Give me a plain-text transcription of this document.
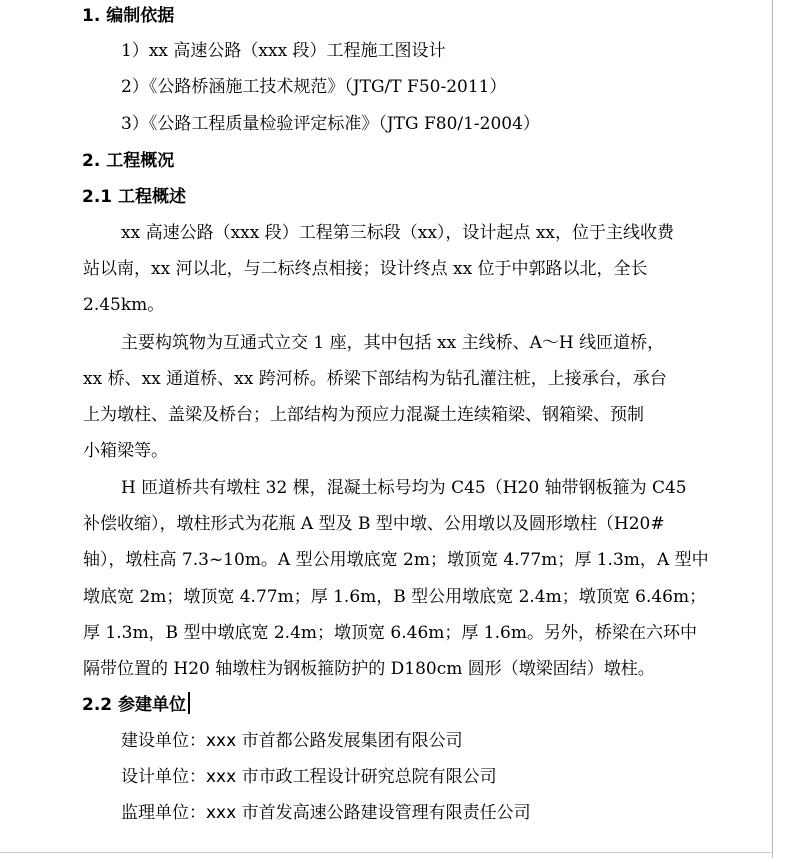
1. 编制依据
1）xx 高速公路（xxx 段）工程施工图设计
2）《公路桥涵施工技术规范》（JTG/T F50-2011）
3）《公路工程质量检验评定标准》（JTG F80/1-2004）
2. 工程概况
2.1 工程概述
xx 高速公路（xxx 段）工程第三标段（xx），设计起点 xx，位于主线收费
站以南，xx 河以北，与二标终点相接；设计终点 xx 位于中郭路以北，全长
2.45km。
主要构筑物为互通式立交 1 座，其中包括 xx 主线桥、A～H 线匝道桥，
xx 桥、xx 通道桥、xx 跨河桥。桥梁下部结构为钻孔灌注桩，上接承台，承台
上为墩柱、盖梁及桥台；上部结构为预应力混凝土连续箱梁、钢箱梁、预制
小箱梁等。
H 匝道桥共有墩柱 32 棵，混凝土标号均为 C45（H20 轴带钢板箍为 C45
补偿收缩），墩柱形式为花瓶 A 型及 B 型中墩、公用墩以及圆形墩柱（H20#
轴），墩柱高 7.3~10m。A 型公用墩底宽 2m；墩顶宽 4.77m；厚 1.3m，A 型中
墩底宽 2m；墩顶宽 4.77m；厚 1.6m，B 型公用墩底宽 2.4m；墩顶宽 6.46m；
厚 1.3m，B 型中墩底宽 2.4m；墩顶宽 6.46m；厚 1.6m。另外，桥梁在六环中
隔带位置的 H20 轴墩柱为钢板箍防护的 D180cm 圆形（墩梁固结）墩柱。
2.2 参建单位
建设单位：xxx 市首都公路发展集团有限公司
设计单位：xxx 市市政工程设计研究总院有限公司
监理单位：xxx 市首发高速公路建设管理有限责任公司
